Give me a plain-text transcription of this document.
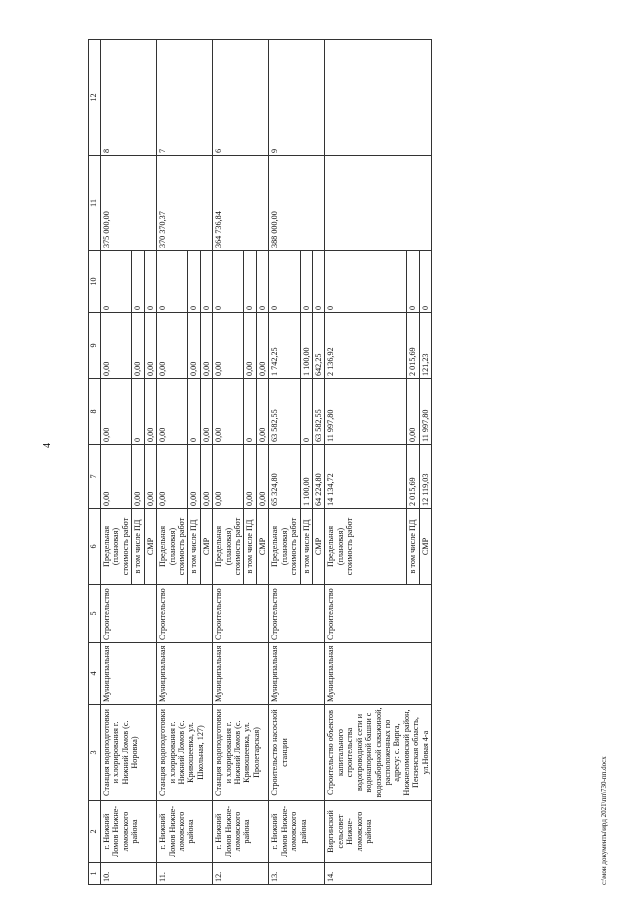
4
1	2	3	4	5	6	7	8	9	10	11	12
10.	г. Нижний Ломов Нижне-ломовского района	Станция водоподготовки и хлорирования г. Нижний Ломов (с. Норовка)	Муниципальная	Строительство	Предельная (плановая) стоимость работ	0,00	0,00	0,00	0	375 000,00	8
					в том числе ПД	0,00	0	0,00	0		
					СМР	0,00	0,00	0,00	0		
11.	г. Нижний Ломов Нижне-ломовского района	Станция водоподготовки и хлорирования г. Нижний Ломов (с. Кривошеевка, ул. Школьная, 127)	Муниципальная	Строительство	Предельная (плановая) стоимость работ	0,00	0,00	0,00	0	370 370,37	7
					в том числе ПД	0,00	0	0,00	0		
					СМР	0,00	0,00	0,00	0		
12.	г. Нижний Ломов Нижне-ломовского района	Станция водоподготовки и хлорирования г. Нижний Ломов (с. Кривошеевка, ул. Пролетарская)	Муниципальная	Строительство	Предельная (плановая) стоимость работ	0,00	0,00	0,00	0	364 736,84	6
					в том числе ПД	0,00	0	0,00	0		
					СМР	0,00	0,00	0,00	0		
13.	г. Нижний Ломов Нижне-ломовского района	Строительство насосной станции	Муниципальная	Строительство	Предельная (плановая) стоимость работ	65 324,80	63 582,55	1 742,25	0	388 000,00	9
					в том числе ПД	1 100,00	0	1 100,00	0		
					СМР	64 224,80	63 582,55	642,25	0		
14.	Виргинский сельсовет Нижне-ломовского района	Строительство объектов капитального строительства водопроводной сети и водонапорной башни с водозаборной скважиной, расположенных по адресу: с. Вирга, Нижнеломовский район, Пензенская область, ул.Новая 4-а	Муниципальная	Строительство	Предельная (плановая) стоимость работ	14 134,72	11 997,80	2 136,92	0		
					в том числе ПД	2 015,69	0,00	2 015,69	0		
					СМР	12 119,03	11 997,80	121,23	0		
c:\мои документы\ирд 2021\пп\730-пп.docx
